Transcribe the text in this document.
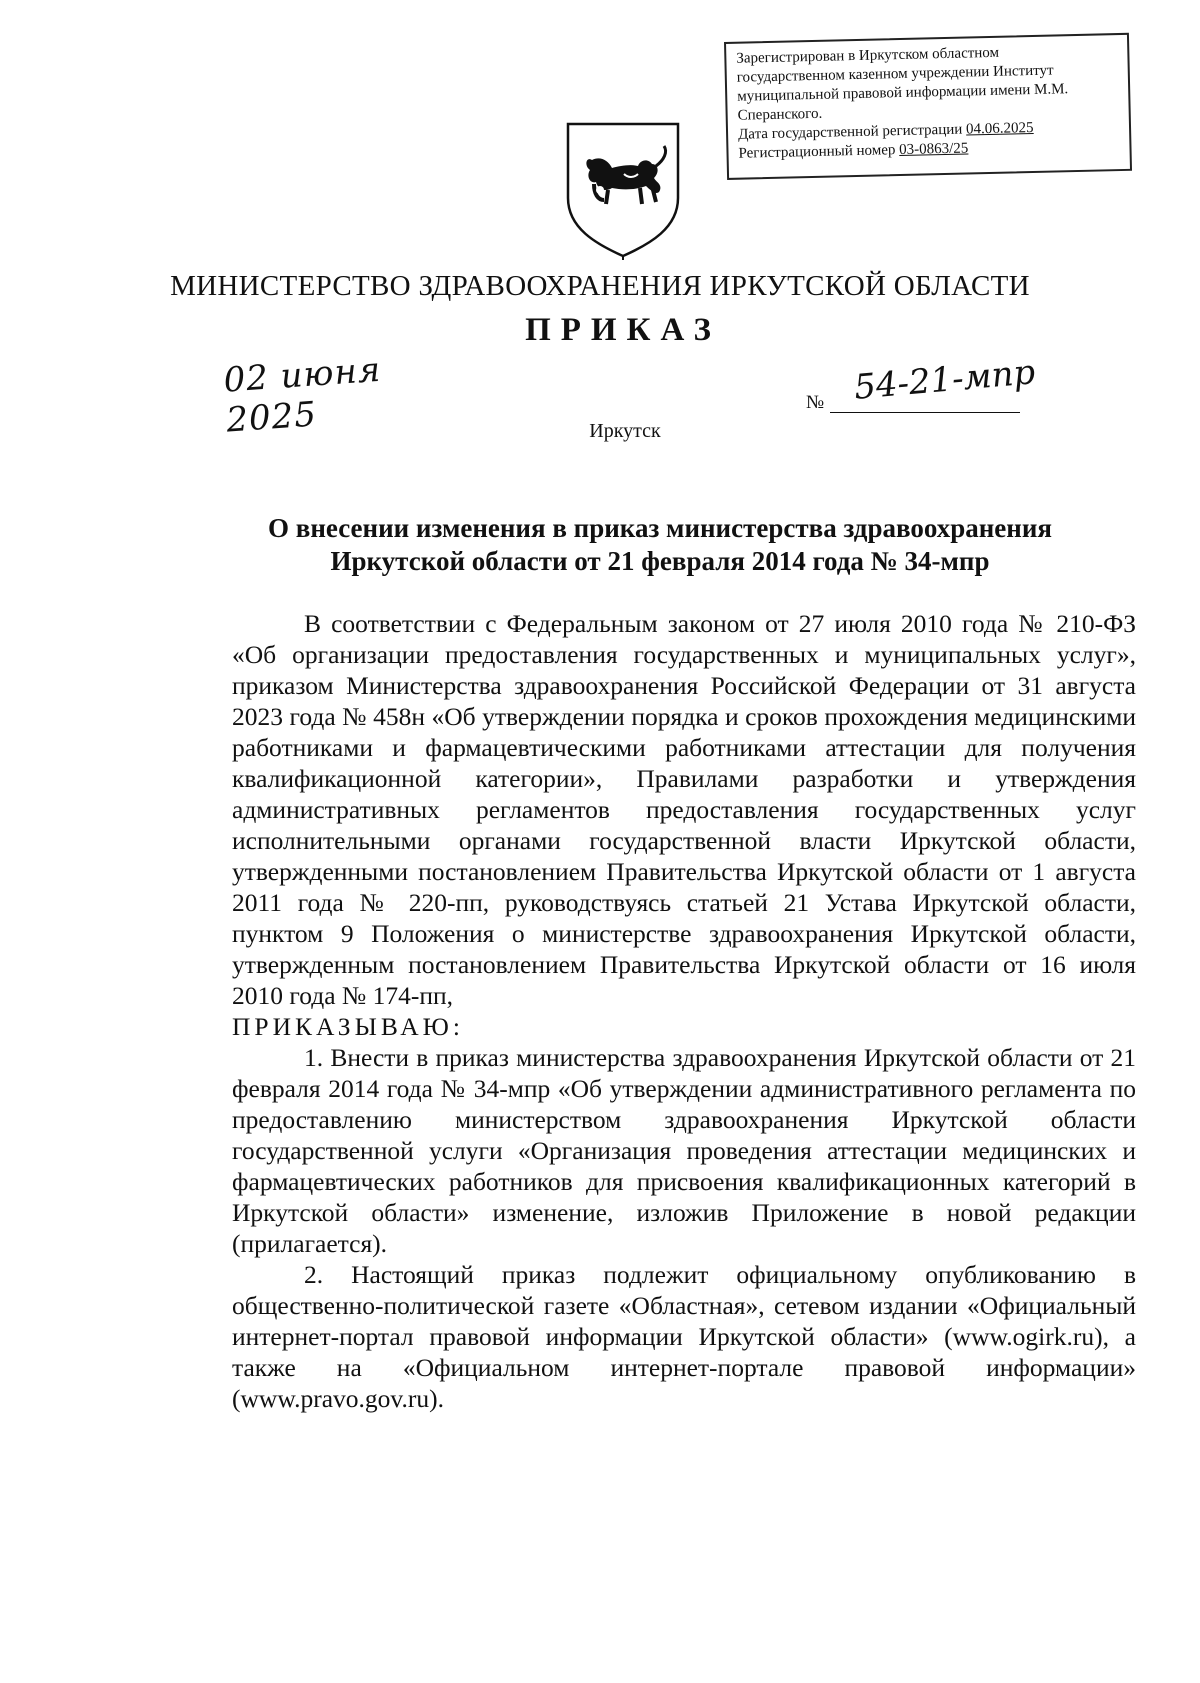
Зарегистрирован в Иркутском областном
государственном казенном учреждении Институт
муниципальной правовой информации имени М.М.
Сперанского.
Дата государственной регистрации 04.06.2025
Регистрационный номер 03-0863/25
МИНИСТЕРСТВО ЗДРАВООХРАНЕНИЯ ИРКУТСКОЙ ОБЛАСТИ
ПРИКАЗ
02 июня 2025	№ 54-21-мпр
Иркутск
О внесении изменения в приказ министерства здравоохранения
Иркутской области от 21 февраля 2014 года № 34-мпр

В соответствии с Федеральным законом от 27 июля 2010 года № 210-ФЗ «Об организации предоставления государственных и муниципальных услуг», приказом Министерства здравоохранения Российской Федерации от 31 августа 2023 года № 458н «Об утверждении порядка и сроков прохождения медицинскими работниками и фармацевтическими работниками аттестации для получения квалификационной категории», Правилами разработки и утверждения административных регламентов предоставления государственных услуг исполнительными органами государственной власти Иркутской области, утвержденными постановлением Правительства Иркутской области от 1 августа 2011 года № 220-пп, руководствуясь статьей 21 Устава Иркутской области, пунктом 9 Положения о министерстве здравоохранения Иркутской области, утвержденным постановлением Правительства Иркутской области от 16 июля 2010 года № 174-пп,

ПРИКАЗЫВАЮ:

1. Внести в приказ министерства здравоохранения Иркутской области от 21 февраля 2014 года № 34-мпр «Об утверждении административного регламента по предоставлению министерством здравоохранения Иркутской области государственной услуги «Организация проведения аттестации медицинских и фармацевтических работников для присвоения квалификационных категорий в Иркутской области» изменение, изложив Приложение в новой редакции (прилагается).

2. Настоящий приказ подлежит официальному опубликованию в общественно-политической газете «Областная», сетевом издании «Официальный интернет-портал правовой информации Иркутской области» (www.ogirk.ru), а также на «Официальном интернет-портале правовой информации» (www.pravo.gov.ru).
